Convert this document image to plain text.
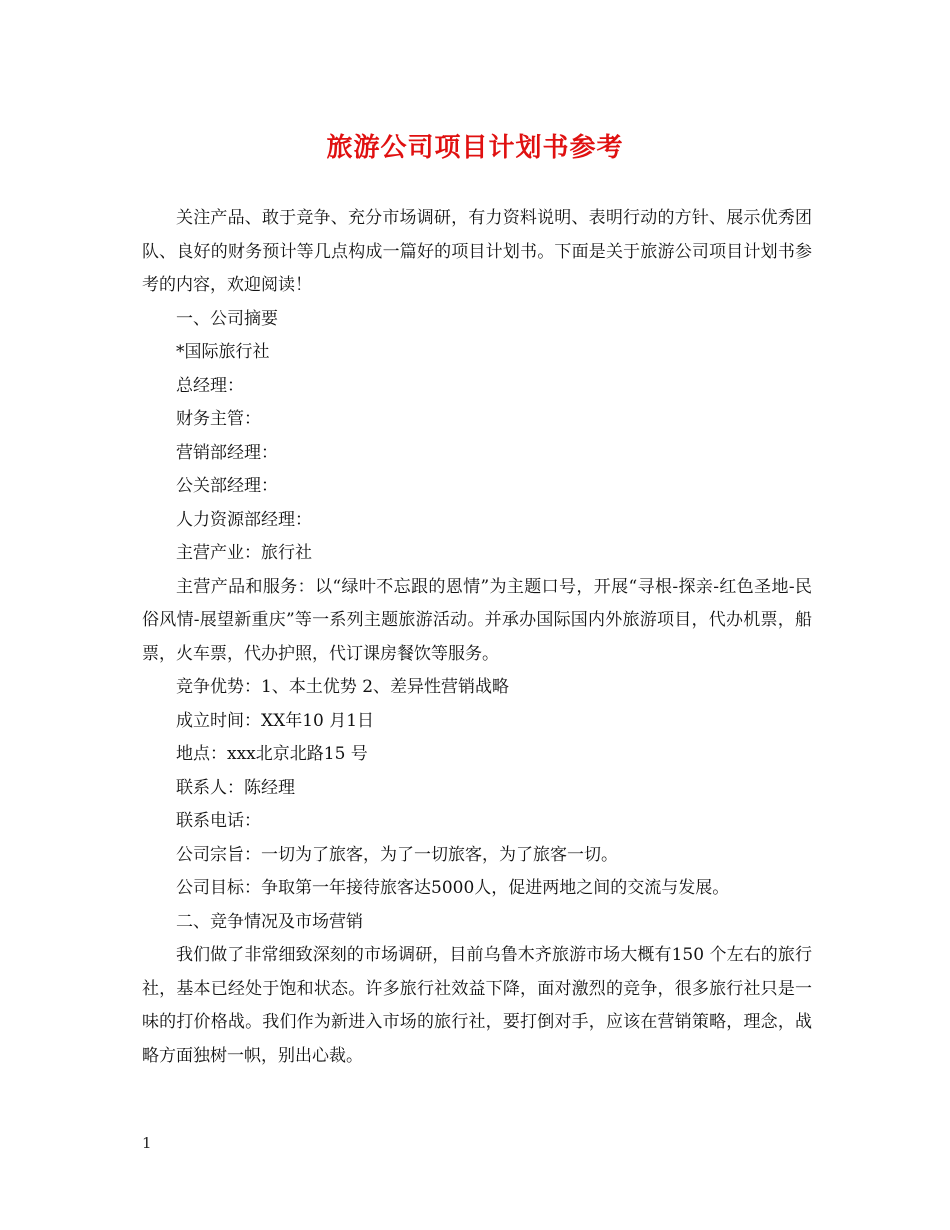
旅游公司项目计划书参考

关注产品、敢于竞争、充分市场调研，有力资料说明、表明行动的方针、展示优秀团队、良好的财务预计等几点构成一篇好的项目计划书。下面是关于旅游公司项目计划书参考的内容，欢迎阅读！

一、公司摘要

*国际旅行社

总经理：

财务主管：

营销部经理：

公关部经理：

人力资源部经理：

主营产业：旅行社

主营产品和服务：以“绿叶不忘跟的恩情”为主题口号，开展“寻根-探亲-红色圣地-民俗风情-展望新重庆”等一系列主题旅游活动。并承办国际国内外旅游项目，代办机票，船票，火车票，代办护照，代订课房餐饮等服务。

竞争优势：1、本土优势 2、差异性营销战略

成立时间：XX年10 月1日

地点：xxx北京北路15 号

联系人：陈经理

联系电话：

公司宗旨：一切为了旅客，为了一切旅客，为了旅客一切。

公司目标：争取第一年接待旅客达5000人，促进两地之间的交流与发展。

二、竞争情况及市场营销

我们做了非常细致深刻的市场调研，目前乌鲁木齐旅游市场大概有150 个左右的旅行社，基本已经处于饱和状态。许多旅行社效益下降，面对激烈的竞争，很多旅行社只是一味的打价格战。我们作为新进入市场的旅行社，要打倒对手，应该在营销策略，理念，战略方面独树一帜，别出心裁。

1
